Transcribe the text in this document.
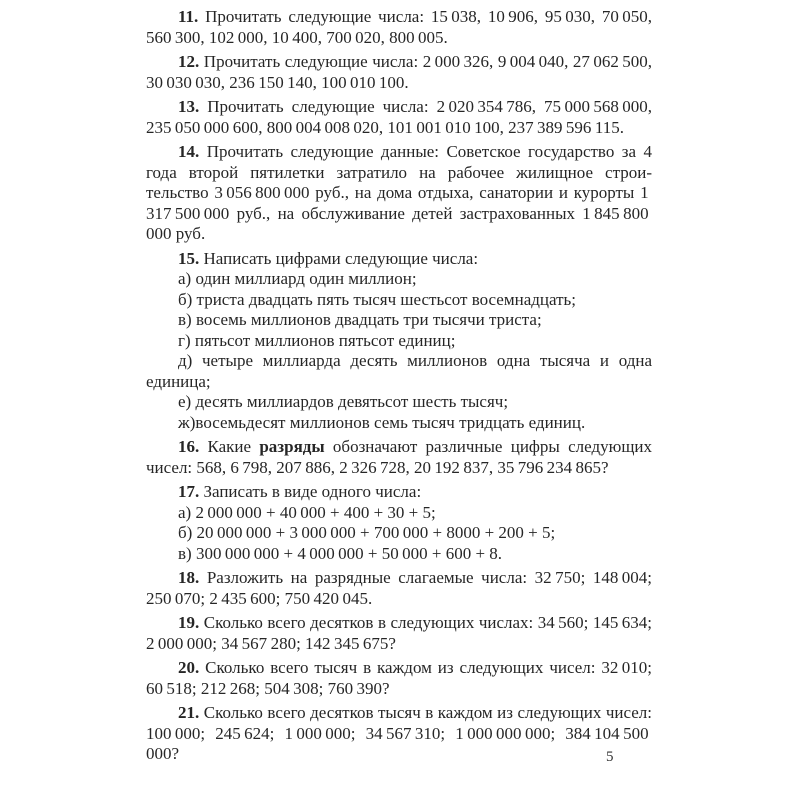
11. Прочитать следующие числа: 15 038, 10 906, 95 030, 70 050, 560 300, 102 000, 10 400, 700 020, 800 005.

12. Прочитать следующие числа: 2 000 326, 9 004 040, 27 062 500, 30 030 030, 236 150 140, 100 010 100.

13. Прочитать следующие числа: 2 020 354 786, 75 000 568 000, 235 050 000 600, 800 004 008 020, 101 001 010 100, 237 389 596 115.

14. Прочитать следующие данные: Советское государство за 4 года второй пятилетки затратило на рабочее жилищное строительство 3 056 800 000 руб., на дома отдыха, санатории и курорты 1 317 500 000 руб., на обслуживание детей застрахованных 1 845 800 000 руб.

15. Написать цифрами следующие числа:

а) один миллиард один миллион;

б) триста двадцать пять тысяч шестьсот восемнадцать;

в) восемь миллионов двадцать три тысячи триста;

г) пятьсот миллионов пятьсот единиц;

д) четыре миллиарда десять миллионов одна тысяча и одна единица;

е) десять миллиардов девятьсот шесть тысяч;

ж)восемьдесят миллионов семь тысяч тридцать единиц.

16. Какие разряды обозначают различные цифры следующих чисел: 568, 6 798, 207 886, 2 326 728, 20 192 837, 35 796 234 865?

17. Записать в виде одного числа:

а) 2 000 000 + 40 000 + 400 + 30 + 5;

б) 20 000 000 + 3 000 000 + 700 000 + 8000 + 200 + 5;

в) 300 000 000 + 4 000 000 + 50 000 + 600 + 8.

18. Разложить на разрядные слагаемые числа: 32 750; 148 004; 250 070; 2 435 600; 750 420 045.

19. Сколько всего десятков в следующих числах: 34 560; 145 634; 2 000 000; 34 567 280; 142 345 675?

20. Сколько всего тысяч в каждом из следующих чисел: 32 010; 60 518; 212 268; 504 308; 760 390?

21. Сколько всего десятков тысяч в каждом из следующих чисел: 100 000; 245 624; 1 000 000; 34 567 310; 1 000 000 000; 384 104 500 000?	5
